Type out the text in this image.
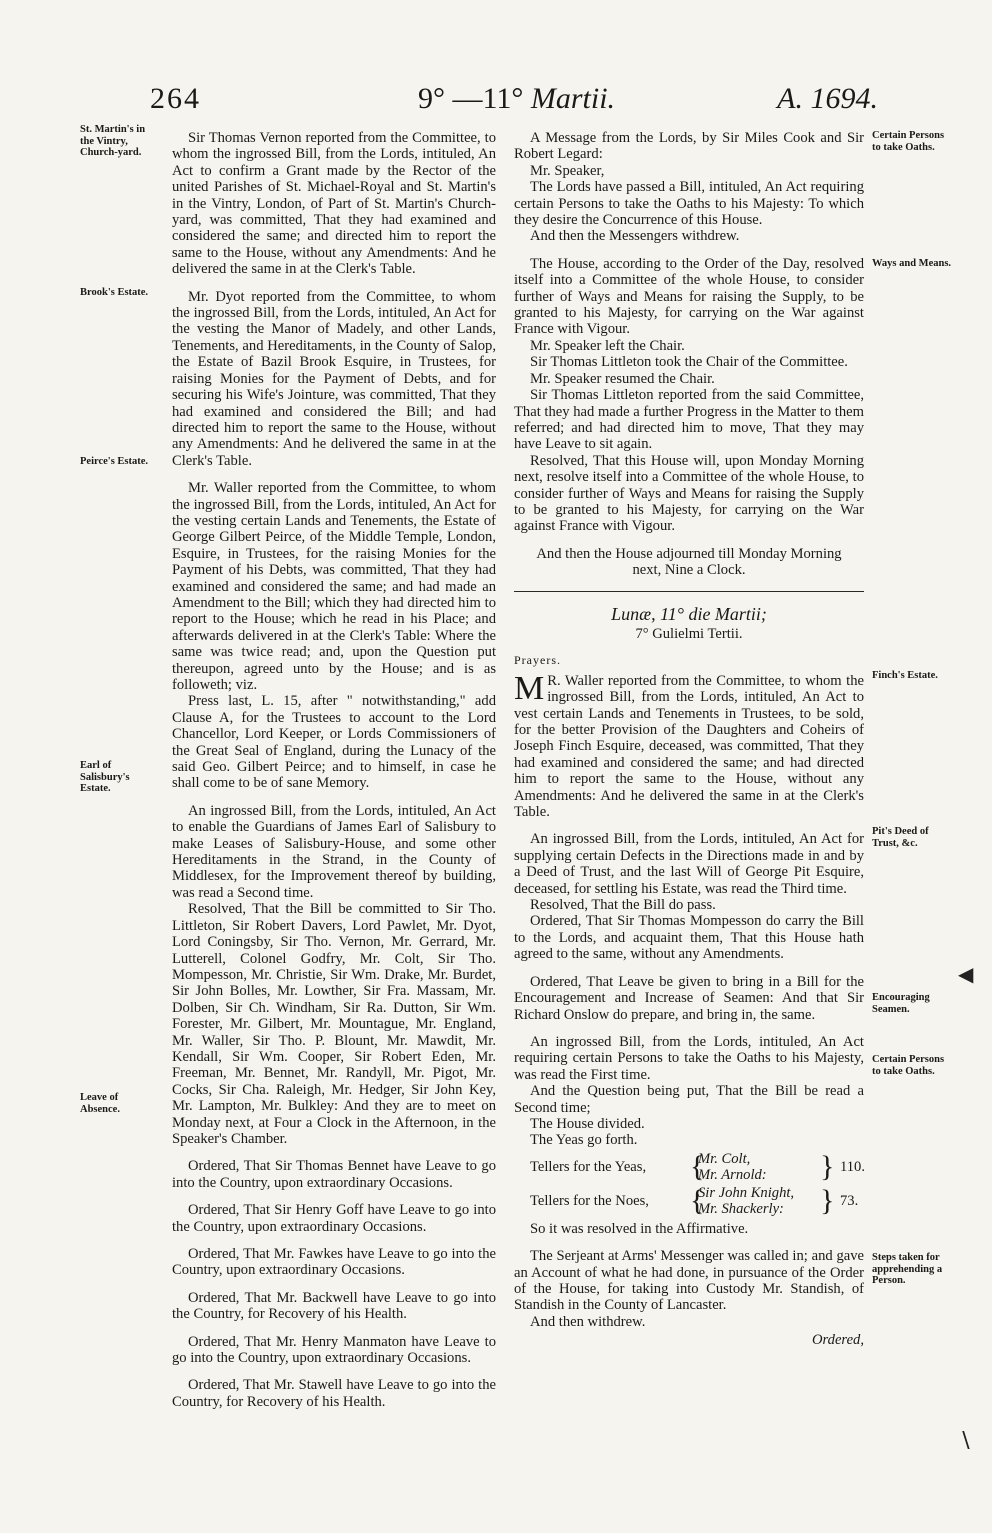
264	9° —11° Martii.	A. 1694.
St. Martin's in the Vintry, Church-yard.
Brook's Estate.
Peirce's Estate.
Earl of Salisbury's Estate.
Leave of Absence.
Certain Persons to take Oaths.
Ways and Means.
Finch's Estate.
Pit's Deed of Trust, &c.
Encouraging Seamen.
Certain Persons to take Oaths.
Steps taken for apprehending a Person.

Sir Thomas Vernon reported from the Committee, to whom the ingrossed Bill, from the Lords, intituled, An Act to confirm a Grant made by the Rector of the united Parishes of St. Michael-Royal and St. Martin's in the Vintry, London, of Part of St. Martin's Church-yard, was committed, That they had examined and considered the same; and directed him to report the same to the House, without any Amendments: And he delivered the same in at the Clerk's Table.

Mr. Dyot reported from the Committee, to whom the ingrossed Bill, from the Lords, intituled, An Act for the vesting the Manor of Madely, and other Lands, Tenements, and Hereditaments, in the County of Salop, the Estate of Bazil Brook Esquire, in Trustees, for raising Monies for the Payment of Debts, and for securing his Wife's Jointure, was committed, That they had examined and considered the Bill; and had directed him to report the same to the House, without any Amendments: And he delivered the same in at the Clerk's Table.

Mr. Waller reported from the Committee, to whom the ingrossed Bill, from the Lords, intituled, An Act for the vesting certain Lands and Tenements, the Estate of George Gilbert Peirce, of the Middle Temple, London, Esquire, in Trustees, for the raising Monies for the Payment of his Debts, was committed, That they had examined and considered the same; and had made an Amendment to the Bill; which they had directed him to report to the House; which he read in his Place; and afterwards delivered in at the Clerk's Table: Where the same was twice read; and, upon the Question put thereupon, agreed unto by the House; and is as followeth; viz.

Press last, L. 15, after " notwithstanding," add Clause A, for the Trustees to account to the Lord Chancellor, Lord Keeper, or Lords Commissioners of the Great Seal of England, during the Lunacy of the said Geo. Gilbert Peirce; and to himself, in case he shall come to be of sane Memory.

An ingrossed Bill, from the Lords, intituled, An Act to enable the Guardians of James Earl of Salisbury to make Leases of Salisbury-House, and some other Hereditaments in the Strand, in the County of Middlesex, for the Improvement thereof by building, was read a Second time.

Resolved, That the Bill be committed to Sir Tho. Littleton, Sir Robert Davers, Lord Pawlet, Mr. Dyot, Lord Coningsby, Sir Tho. Vernon, Mr. Gerrard, Mr. Lutterell, Colonel Godfry, Mr. Colt, Sir Tho. Mompesson, Mr. Christie, Sir Wm. Drake, Mr. Burdet, Sir John Bolles, Mr. Lowther, Sir Fra. Massam, Mr. Dolben, Sir Ch. Windham, Sir Ra. Dutton, Sir Wm. Forester, Mr. Gilbert, Mr. Mountague, Mr. England, Mr. Waller, Sir Tho. P. Blount, Mr. Mawdit, Mr. Kendall, Sir Wm. Cooper, Sir Robert Eden, Mr. Freeman, Mr. Bennet, Mr. Randyll, Mr. Pigot, Mr. Cocks, Sir Cha. Raleigh, Mr. Hedger, Sir John Key, Mr. Lampton, Mr. Bulkley: And they are to meet on Monday next, at Four a Clock in the Afternoon, in the Speaker's Chamber.

Ordered, That Sir Thomas Bennet have Leave to go into the Country, upon extraordinary Occasions.

Ordered, That Sir Henry Goff have Leave to go into the Country, upon extraordinary Occasions.

Ordered, That Mr. Fawkes have Leave to go into the Country, upon extraordinary Occasions.

Ordered, That Mr. Backwell have Leave to go into the Country, for Recovery of his Health.

Ordered, That Mr. Henry Manmaton have Leave to go into the Country, upon extraordinary Occasions.

Ordered, That Mr. Stawell have Leave to go into the Country, for Recovery of his Health.

A Message from the Lords, by Sir Miles Cook and Sir Robert Legard:

Mr. Speaker,

The Lords have passed a Bill, intituled, An Act requiring certain Persons to take the Oaths to his Majesty: To which they desire the Concurrence of this House.

And then the Messengers withdrew.

The House, according to the Order of the Day, resolved itself into a Committee of the whole House, to consider further of Ways and Means for raising the Supply, to be granted to his Majesty, for carrying on the War against France with Vigour.

Mr. Speaker left the Chair.

Sir Thomas Littleton took the Chair of the Committee.

Mr. Speaker resumed the Chair.

Sir Thomas Littleton reported from the said Committee, That they had made a further Progress in the Matter to them referred; and had directed him to move, That they may have Leave to sit again.

Resolved, That this House will, upon Monday Morning next, resolve itself into a Committee of the whole House, to consider further of Ways and Means for raising the Supply to be granted to his Majesty, for carrying on the War against France with Vigour.

And then the House adjourned till Monday Morning next, Nine a Clock.

Lunæ, 11° die Martii;
7° Gulielmi Tertii.
Prayers.

M R. Waller reported from the Committee, to whom the ingrossed Bill, from the Lords, intituled, An Act to vest certain Lands and Tenements in Trustees, to be sold, for the better Provision of the Daughters and Coheirs of Joseph Finch Esquire, deceased, was committed, That they had examined and considered the same; and had directed him to report the same to the House, without any Amendments: And he delivered the same in at the Clerk's Table.

An ingrossed Bill, from the Lords, intituled, An Act for supplying certain Defects in the Directions made in and by a Deed of Trust, and the last Will of George Pit Esquire, deceased, for settling his Estate, was read the Third time.

Resolved, That the Bill do pass.

Ordered, That Sir Thomas Mompesson do carry the Bill to the Lords, and acquaint them, That this House hath agreed to the same, without any Amendments.

Ordered, That Leave be given to bring in a Bill for the Encouragement and Increase of Seamen: And that Sir Richard Onslow do prepare, and bring in, the same.

An ingrossed Bill, from the Lords, intituled, An Act requiring certain Persons to take the Oaths to his Majesty, was read the First time.

And the Question being put, That the Bill be read a Second time;

The House divided.

The Yeas go forth.

Tellers for the Yeas, {
Mr. Colt,
Mr. Arnold: } 110.
Tellers for the Noes, {
Sir John Knight,
Mr. Shackerly:	} 73.

So it was resolved in the Affirmative.

The Serjeant at Arms' Messenger was called in; and gave an Account of what he had done, in pursuance of the Order of the House, for taking into Custody Mr. Standish, of Standish in the County of Lancaster.

And then withdrew.

Ordered,
◀
∖
